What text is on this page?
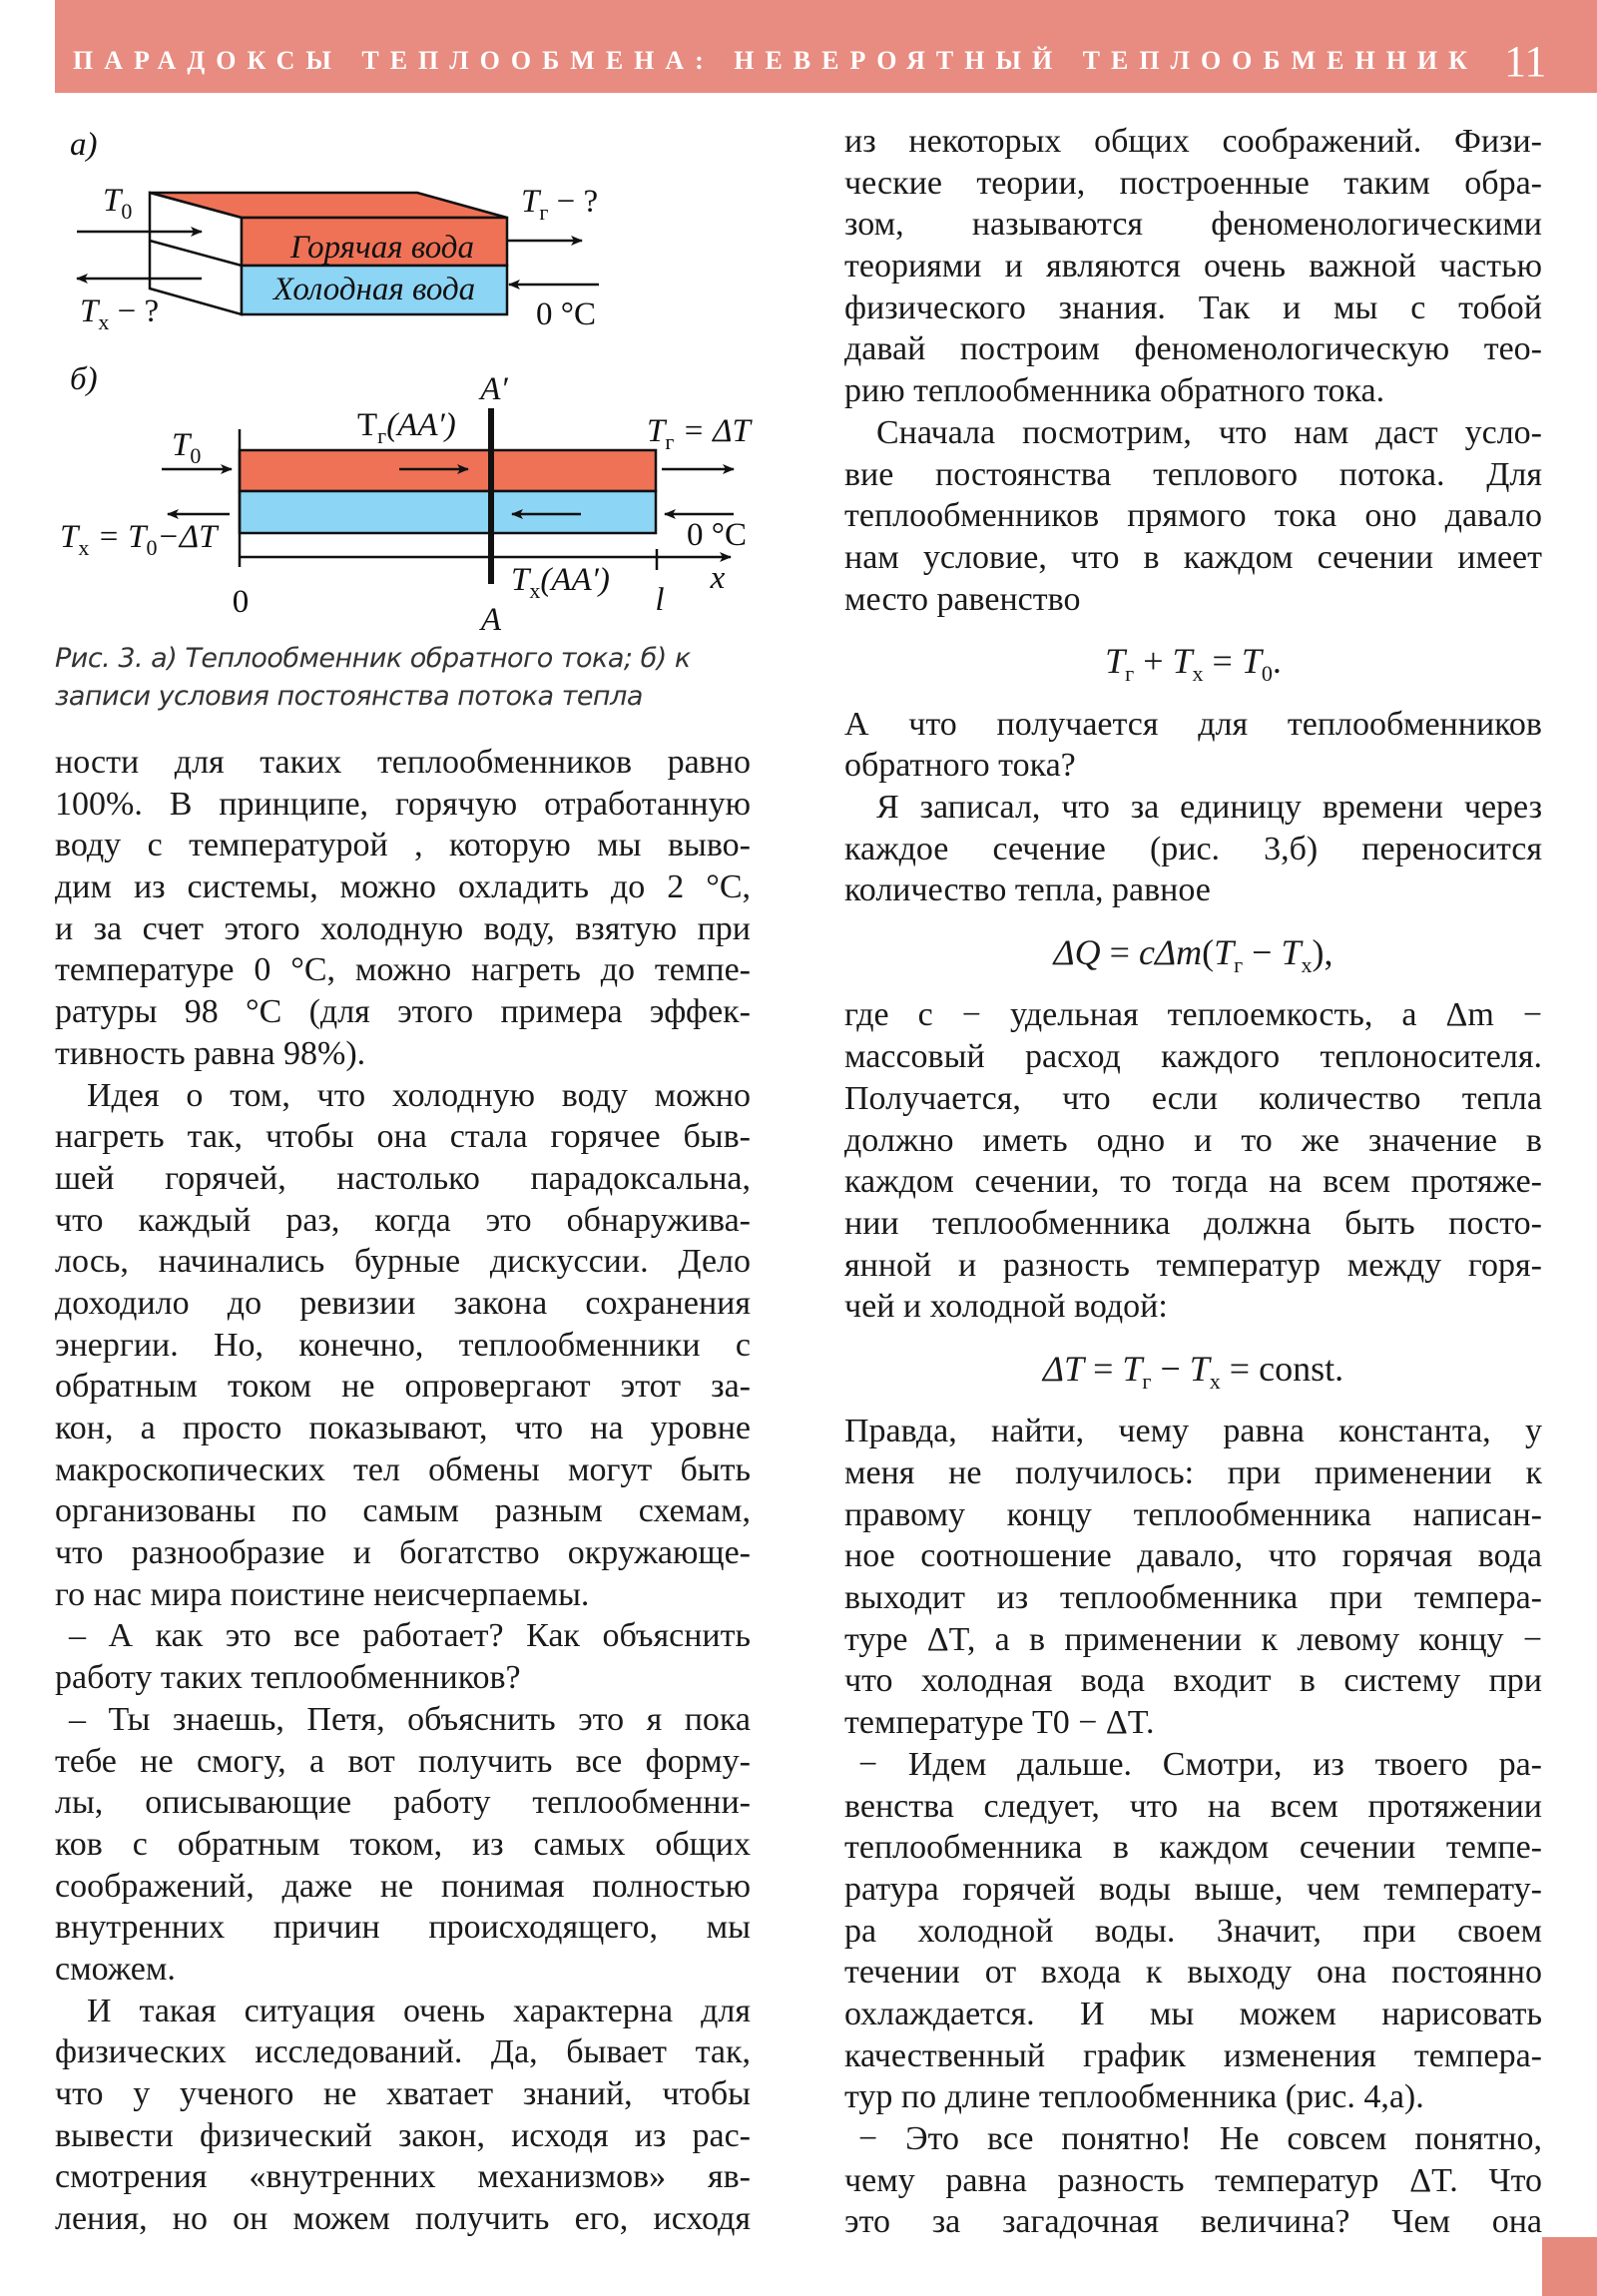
ПАРАДОКСЫ ТЕПЛООБМЕНА: НЕВЕРОЯТНЫЙ ТЕПЛООБМЕННИК 11
а)
Горячая вода
Холодная вода
$T_0$	$T_г$ − ?
$T_х$ − ?	0 °C
б)	A′
A
$T_г(AA')$	$T_г = \Delta T$
$T_0$
$T_х = T_0-\Delta T$	0 °C
$T_х(AA')$
0	l
x
Рис. 3. а) Теплообменник обратного тока; б) к
записи условия постоянства потока тепла
ности для таких теплообменников равно
100%. В принципе, горячую отработанную
воду с температурой , которую мы выво-
дим из системы, можно охладить до 2 °С,
и за счет этого холодную воду, взятую при
температуре 0 °С, можно нагреть до темпе-
ратуры 98 °С (для этого примера эффек-
тивность равна 98%).
Идея о том, что холодную воду можно
нагреть так, чтобы она стала горячее быв-
шей горячей, настолько парадоксальна,
что каждый раз, когда это обнаружива-
лось, начинались бурные дискуссии. Дело
доходило до ревизии закона сохранения
энергии. Но, конечно, теплообменники с
обратным током не опровергают этот за-
кон, а просто показывают, что на уровне
макроскопических тел обмены могут быть
организованы по самым разным схемам,
что разнообразие и богатство окружающе-
го нас мира поистине неисчерпаемы.
– А как это все работает? Как объяснить
работу таких теплообменников?
– Ты знаешь, Петя, объяснить это я пока
тебе не смогу, а вот получить все форму-
лы, описывающие работу теплообменни-
ков с обратным током, из самых общих
соображений, даже не понимая полностью
внутренних причин происходящего, мы
сможем.
И такая ситуация очень характерна для
физических исследований. Да, бывает так,
что у ученого не хватает знаний, чтобы
вывести физический закон, исходя из рас-
смотрения «внутренних механизмов» яв-
ления, но он можем получить его, исходя
из некоторых общих соображений. Физи-
ческие теории, построенные таким обра-
зом, называются феноменологическими
теориями и являются очень важной частью
физического знания. Так и мы с тобой
давай построим феноменологическую тео-
рию теплообменника обратного тока.
Сначала посмотрим, что нам даст усло-
вие постоянства теплового потока. Для
теплообменников прямого тока оно давало
нам условие, что в каждом сечении имеет
место равенство
$T_г + T_х = T_0$.
А что получается для теплообменников
обратного тока?
Я записал, что за единицу времени через
каждое сечение (рис. 3,б) переносится
количество тепла, равное
$\Delta Q = c\Delta m(T_г - T_х)$,
где c − удельная теплоемкость, а Δm −
массовый расход каждого теплоносителя.
Получается, что если количество тепла
должно иметь одно и то же значение в
каждом сечении, то тогда на всем протяже-
нии теплообменника должна быть посто-
янной и разность температур между горя-
чей и холодной водой:
$\Delta T = T_г - T_х$ = const.
Правда, найти, чему равна константа, у
меня не получилось: при применении к
правому концу теплообменника написан-
ное соотношение давало, что горячая вода
выходит из теплообменника при темпера-
туре ΔT, а в применении к левому концу −
что холодная вода входит в систему при
температуре T0 − ΔT.
− Идем дальше. Смотри, из твоего ра-
венства следует, что на всем протяжении
теплообменника в каждом сечении темпе-
ратура горячей воды выше, чем температу-
ра холодной воды. Значит, при своем
течении от входа к выходу она постоянно
охлаждается. И мы можем нарисовать
качественный график изменения темпера-
тур по длине теплообменника (рис. 4,а).
− Это все понятно! Не совсем понятно,
чему равна разность температур ΔT. Что
это за загадочная величина? Чем она
